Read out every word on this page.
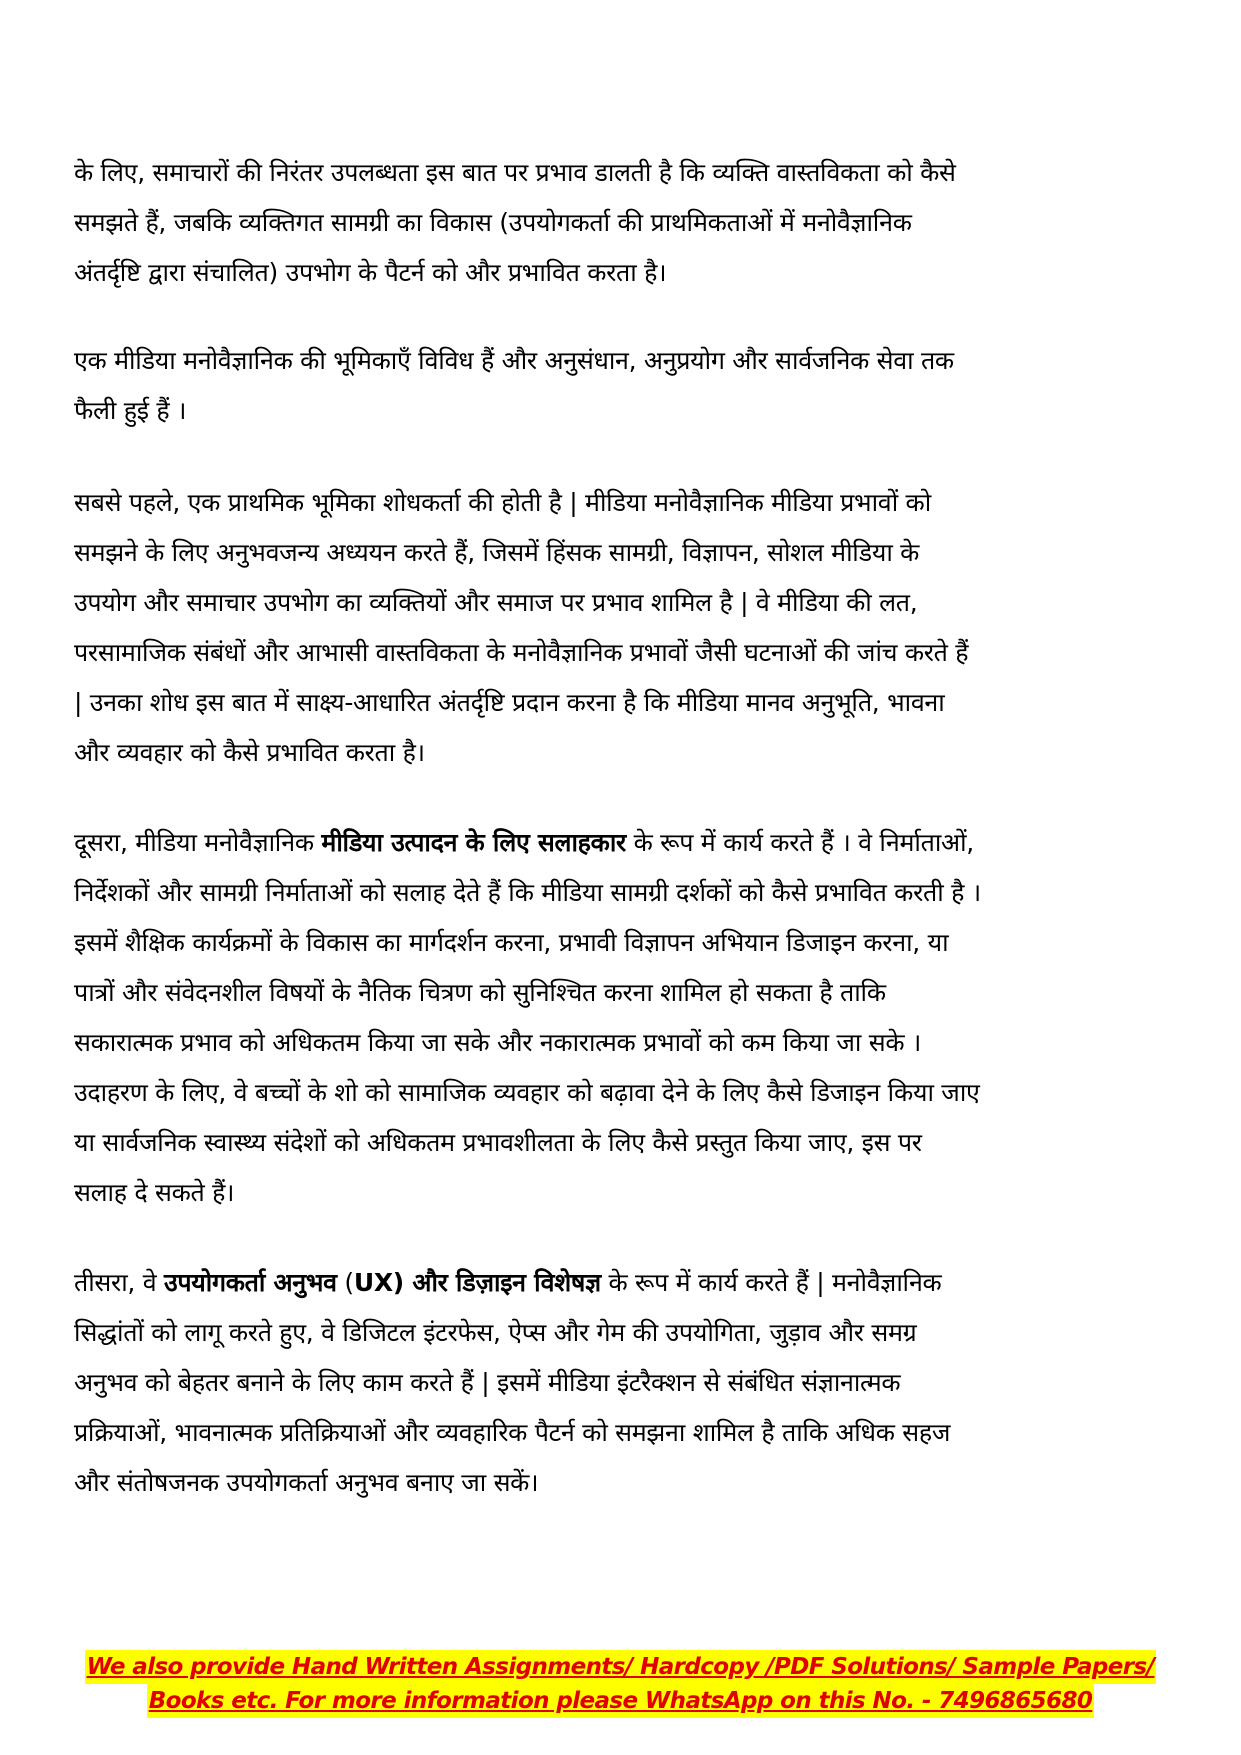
के लिए, समाचारों की निरंतर उपलब्धता इस बात पर प्रभाव डालती है कि व्यक्ति वास्तविकता को कैसे
समझते हैं, जबकि व्यक्तिगत सामग्री का विकास (उपयोगकर्ता की प्राथमिकताओं में मनोवैज्ञानिक
अंतर्दृष्टि द्वारा संचालित) उपभोग के पैटर्न को और प्रभावित करता है।
एक मीडिया मनोवैज्ञानिक की भूमिकाएँ विविध हैं और अनुसंधान, अनुप्रयोग और सार्वजनिक सेवा तक
फैली हुई हैं ।
सबसे पहले, एक प्राथमिक भूमिका शोधकर्ता की होती है | मीडिया मनोवैज्ञानिक मीडिया प्रभावों को
समझने के लिए अनुभवजन्य अध्ययन करते हैं, जिसमें हिंसक सामग्री, विज्ञापन, सोशल मीडिया के
उपयोग और समाचार उपभोग का व्यक्तियों और समाज पर प्रभाव शामिल है | वे मीडिया की लत,
परसामाजिक संबंधों और आभासी वास्तविकता के मनोवैज्ञानिक प्रभावों जैसी घटनाओं की जांच करते हैं
| उनका शोध इस बात में साक्ष्य-आधारित अंतर्दृष्टि प्रदान करना है कि मीडिया मानव अनुभूति, भावना
और व्यवहार को कैसे प्रभावित करता है।
दूसरा, मीडिया मनोवैज्ञानिक मीडिया उत्पादन के लिए सलाहकार के रूप में कार्य करते हैं । वे निर्माताओं,
निर्देशकों और सामग्री निर्माताओं को सलाह देते हैं कि मीडिया सामग्री दर्शकों को कैसे प्रभावित करती है ।
इसमें शैक्षिक कार्यक्रमों के विकास का मार्गदर्शन करना, प्रभावी विज्ञापन अभियान डिजाइन करना, या
पात्रों और संवेदनशील विषयों के नैतिक चित्रण को सुनिश्चित करना शामिल हो सकता है ताकि
सकारात्मक प्रभाव को अधिकतम किया जा सके और नकारात्मक प्रभावों को कम किया जा सके ।
उदाहरण के लिए, वे बच्चों के शो को सामाजिक व्यवहार को बढ़ावा देने के लिए कैसे डिजाइन किया जाए
या सार्वजनिक स्वास्थ्य संदेशों को अधिकतम प्रभावशीलता के लिए कैसे प्रस्तुत किया जाए, इस पर
सलाह दे सकते हैं।
तीसरा, वे उपयोगकर्ता अनुभव (UX) और डिज़ाइन विशेषज्ञ के रूप में कार्य करते हैं | मनोवैज्ञानिक
सिद्धांतों को लागू करते हुए, वे डिजिटल इंटरफेस, ऐप्स और गेम की उपयोगिता, जुड़ाव और समग्र
अनुभव को बेहतर बनाने के लिए काम करते हैं | इसमें मीडिया इंटरैक्शन से संबंधित संज्ञानात्मक
प्रक्रियाओं, भावनात्मक प्रतिक्रियाओं और व्यवहारिक पैटर्न को समझना शामिल है ताकि अधिक सहज
और संतोषजनक उपयोगकर्ता अनुभव बनाए जा सकें।
We also provide Hand Written Assignments/ Hardcopy /PDF Solutions/ Sample Papers/
Books etc. For more information please WhatsApp on this No. - 7496865680
